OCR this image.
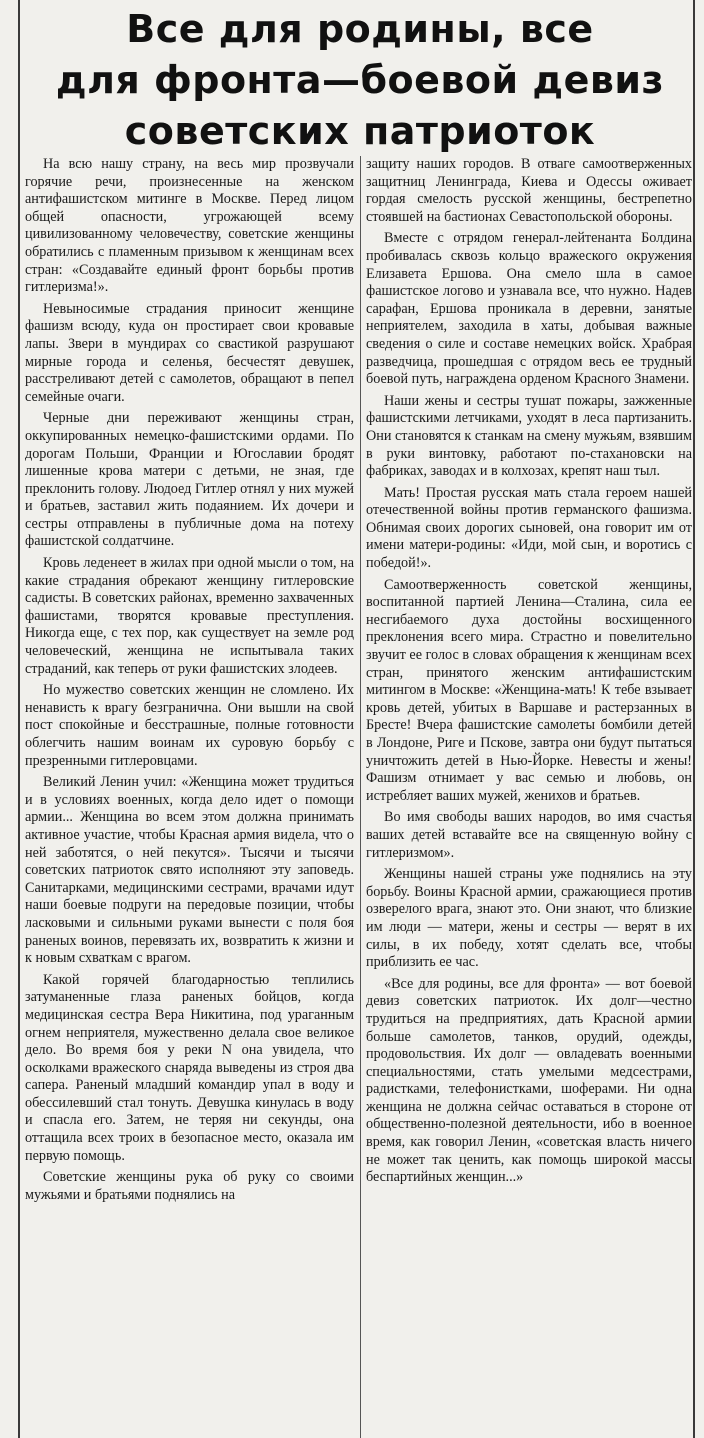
Все для родины, все
для фронта—боевой девиз
советских патриоток

На всю нашу страну, на весь мир прозвучали горячие речи, произнесенные на женском антифашистском митинге в Москве. Перед лицом общей опасности, угрожающей всему цивилизованному человечеству, советские женщины обратились с пламенным призывом к женщинам всех стран: «Создавайте единый фронт борьбы против гитлеризма!».

Невыносимые страдания приносит женщине фашизм всюду, куда он простирает свои кровавые лапы. Звери в мундирах со свастикой разрушают мирные города и селенья, бесчестят девушек, расстреливают детей с самолетов, обращают в пепел семейные очаги.

Черные дни переживают женщины стран, оккупированных немецко-фашистскими ордами. По дорогам Польши, Франции и Югославии бродят лишенные крова матери с детьми, не зная, где преклонить голову. Людоед Гитлер отнял у них мужей и братьев, заставил жить подаянием. Их дочери и сестры отправлены в публичные дома на потеху фашистской солдатчине.

Кровь леденеет в жилах при одной мысли о том, на какие страдания обрекают женщину гитлеровские садисты. В советских районах, временно захваченных фашистами, творятся кровавые преступления. Никогда еще, с тех пор, как существует на земле род человеческий, женщина не испытывала таких страданий, как теперь от руки фашистских злодеев.

Но мужество советских женщин не сломлено. Их ненависть к врагу безгранична. Они вышли на свой пост спокойные и бесстрашные, полные готовности облегчить нашим воинам их суровую борьбу с презренными гитлеровцами.

Великий Ленин учил: «Женщина может трудиться и в условиях военных, когда дело идет о помощи армии... Женщина во всем этом должна принимать активное участие, чтобы Красная армия видела, что о ней заботятся, о ней пекутся». Тысячи и тысячи советских патриоток свято исполняют эту заповедь. Санитарками, медицинскими сестрами, врачами идут наши боевые подруги на передовые позиции, чтобы ласковыми и сильными руками вынести с поля боя раненых воинов, перевязать их, возвратить к жизни и к новым схваткам с врагом.

Какой горячей благодарностью теплились затуманенные глаза раненых бойцов, когда медицинская сестра Вера Никитина, под ураганным огнем неприятеля, мужественно делала свое великое дело. Во время боя у реки N она увидела, что осколками вражеского снаряда выведены из строя два сапера. Раненый младший командир упал в воду и обессилевший стал тонуть. Девушка кинулась в воду и спасла его. Затем, не теряя ни секунды, она оттащила всех троих в безопасное место, оказала им первую помощь.

Советские женщины рука об руку со своими мужьями и братьями поднялись на

защиту наших городов. В отваге самоотверженных защитниц Ленинграда, Киева и Одессы оживает гордая смелость русской женщины, бестрепетно стоявшей на бастионах Севастопольской обороны.

Вместе с отрядом генерал-лейтенанта Болдина пробивалась сквозь кольцо вражеского окружения Елизавета Ершова. Она смело шла в самое фашистское логово и узнавала все, что нужно. Надев сарафан, Ершова проникала в деревни, занятые неприятелем, заходила в хаты, добывая важные сведения о силе и составе немецких войск. Храбрая разведчица, прошедшая с отрядом весь ее трудный боевой путь, награждена орденом Красного Знамени.

Наши жены и сестры тушат пожары, зажженные фашистскими летчиками, уходят в леса партизанить. Они становятся к станкам на смену мужьям, взявшим в руки винтовку, работают по-стахановски на фабриках, заводах и в колхозах, крепят наш тыл.

Мать! Простая русская мать стала героем нашей отечественной войны против германского фашизма. Обнимая своих дорогих сыновей, она говорит им от имени матери-родины: «Иди, мой сын, и воротись с победой!».

Самоотверженность советской женщины, воспитанной партией Ленина—Сталина, сила ее несгибаемого духа достойны восхищенного преклонения всего мира. Страстно и повелительно звучит ее голос в словах обращения к женщинам всех стран, принятого женским антифашистским митингом в Москве: «Женщина-мать! К тебе взывает кровь детей, убитых в Варшаве и растерзанных в Бресте! Вчера фашистские самолеты бомбили детей в Лондоне, Риге и Пскове, завтра они будут пытаться уничтожить детей в Нью-Йорке. Невесты и жены! Фашизм отнимает у вас семью и любовь, он истребляет ваших мужей, женихов и братьев.

Во имя свободы ваших народов, во имя счастья ваших детей вставайте все на священную войну с гитлеризмом».

Женщины нашей страны уже поднялись на эту борьбу. Воины Красной армии, сражающиеся против озверелого врага, знают это. Они знают, что близкие им люди — матери, жены и сестры — верят в их силы, в их победу, хотят сделать все, чтобы приблизить ее час.

«Все для родины, все для фронта» — вот боевой девиз советских патриоток. Их долг—честно трудиться на предприятиях, дать Красной армии больше самолетов, танков, орудий, одежды, продовольствия. Их долг — овладевать военными специальностями, стать умелыми медсестрами, радистками, телефонистками, шоферами. Ни одна женщина не должна сейчас оставаться в стороне от общественно-полезной деятельности, ибо в военное время, как говорил Ленин, «советская власть ничего не может так ценить, как помощь широкой массы беспартийных женщин...»
